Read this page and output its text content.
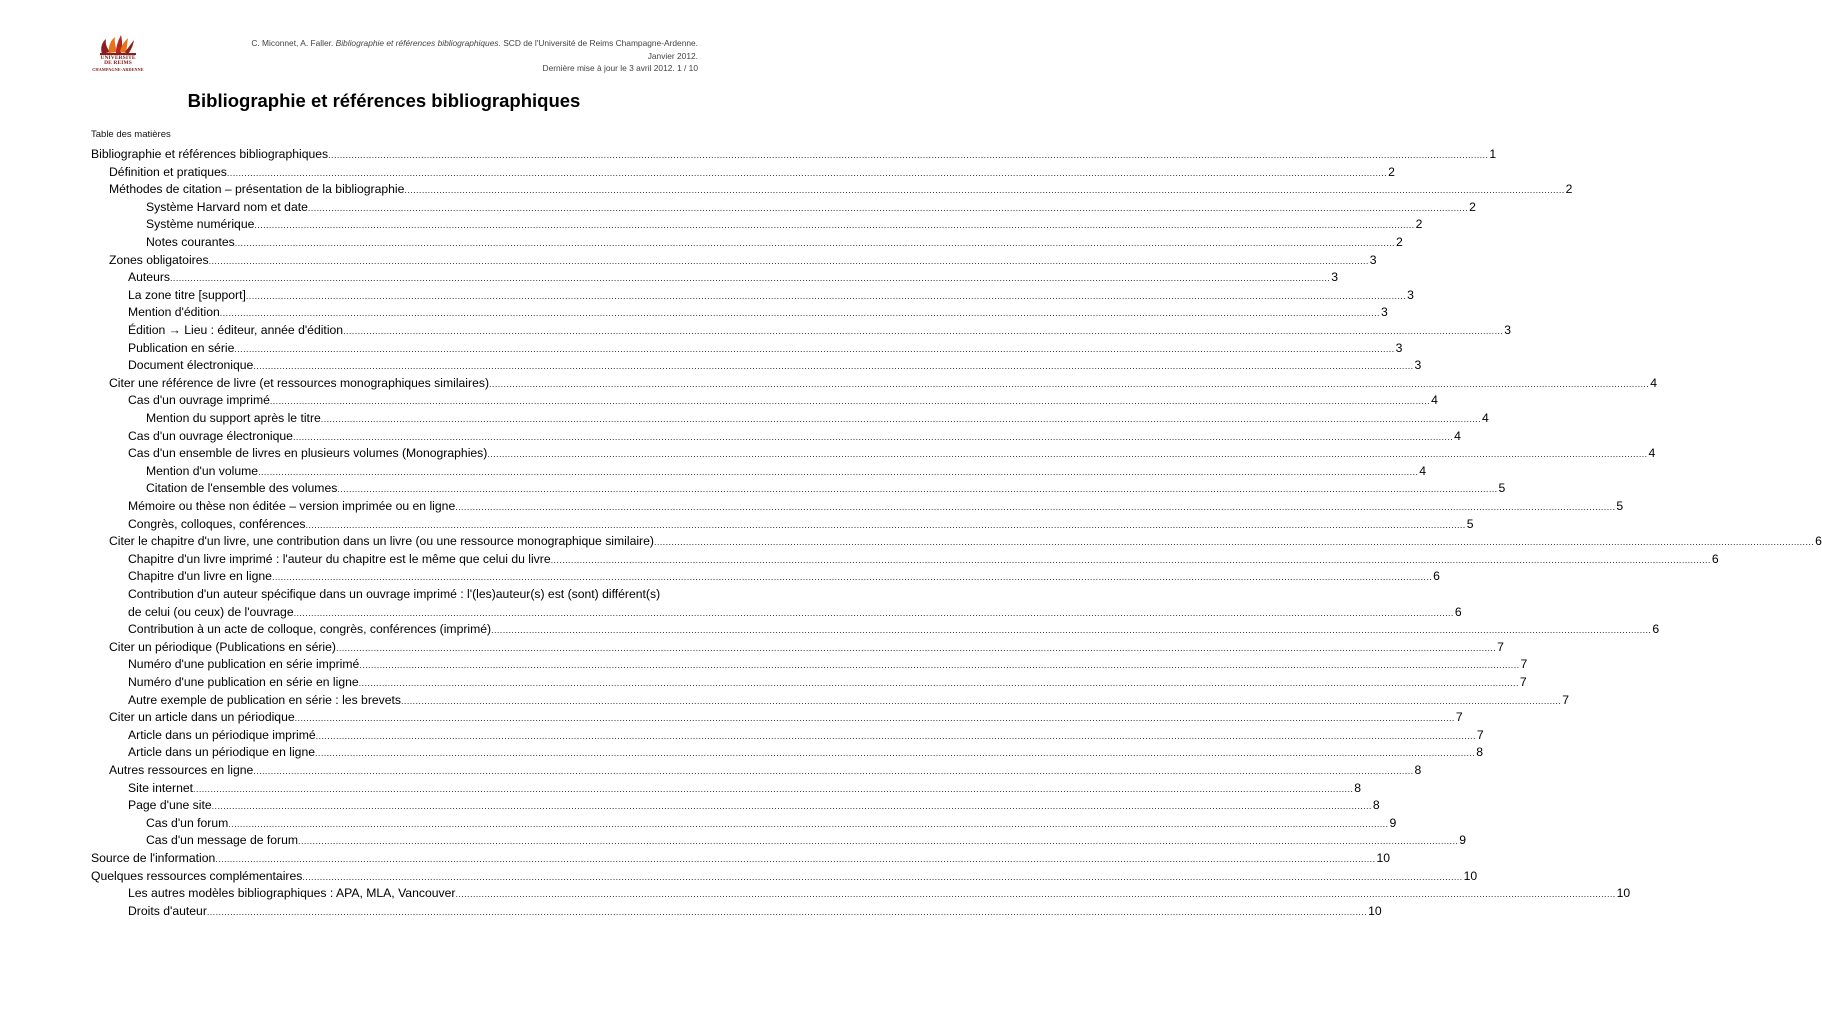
UNIVERSITÉ
DE REIMS
CHAMPAGNE-ARDENNE
C. Miconnet, A. Faller. Bibliographie et références bibliographiques. SCD de l'Université de Reims Champagne-Ardenne. Janvier 2012.
Dernière mise à jour le 3 avril 2012. 1 / 10
Bibliographie et références bibliographiques
Table des matières
Bibliographie et références bibliographiques .....	1
Définition et pratiques .....	2
Méthodes de citation – présentation de la bibliographie .....	2
Système Harvard nom et date .....	2
Système numérique .....	2
Notes courantes .....	2
Zones obligatoires .....	3
Auteurs .....	3
La zone titre [support] .....	3
Mention d'édition .....	3
Édition → Lieu : éditeur, année d'édition .....	3
Publication en série .....	3
Document électronique .....	3
Citer une référence de livre (et ressources monographiques similaires) .....	4
Cas d'un ouvrage imprimé .....	4
Mention du support après le titre .....	4
Cas d'un ouvrage électronique .....	4
Cas d'un ensemble de livres en plusieurs volumes (Monographies) .....	4
Mention d'un volume .....	4
Citation de l'ensemble des volumes .....	5
Mémoire ou thèse non éditée – version imprimée ou en ligne .....	5
Congrès, colloques, conférences .....	5
Citer le chapitre d'un livre, une contribution dans un livre (ou une ressource monographique similaire) .....	6
Chapitre d'un livre imprimé : l'auteur du chapitre est le même que celui du livre .....	6
Chapitre d'un livre en ligne .....	6
Contribution d'un auteur spécifique dans un ouvrage imprimé : l'(les)auteur(s) est (sont) différent(s)
de celui (ou ceux) de l'ouvrage .....	6
Contribution à un acte de colloque, congrès, conférences (imprimé) .....	6
Citer un périodique (Publications en série) .....	7
Numéro d'une publication en série imprimé .....	7
Numéro d'une publication en série en ligne .....	7
Autre exemple de publication en série : les brevets .....	7
Citer un article dans un périodique .....	7
Article dans un périodique imprimé .....	7
Article dans un périodique en ligne .....	8
Autres ressources en ligne .....	8
Site internet .....	8
Page d'une site .....	8
Cas d'un forum .....	9
Cas d'un message de forum .....	9
Source de l'information .....	10
Quelques ressources complémentaires .....	10
Les autres modèles bibliographiques : APA, MLA, Vancouver .....	10
Droits d'auteur .....	10
